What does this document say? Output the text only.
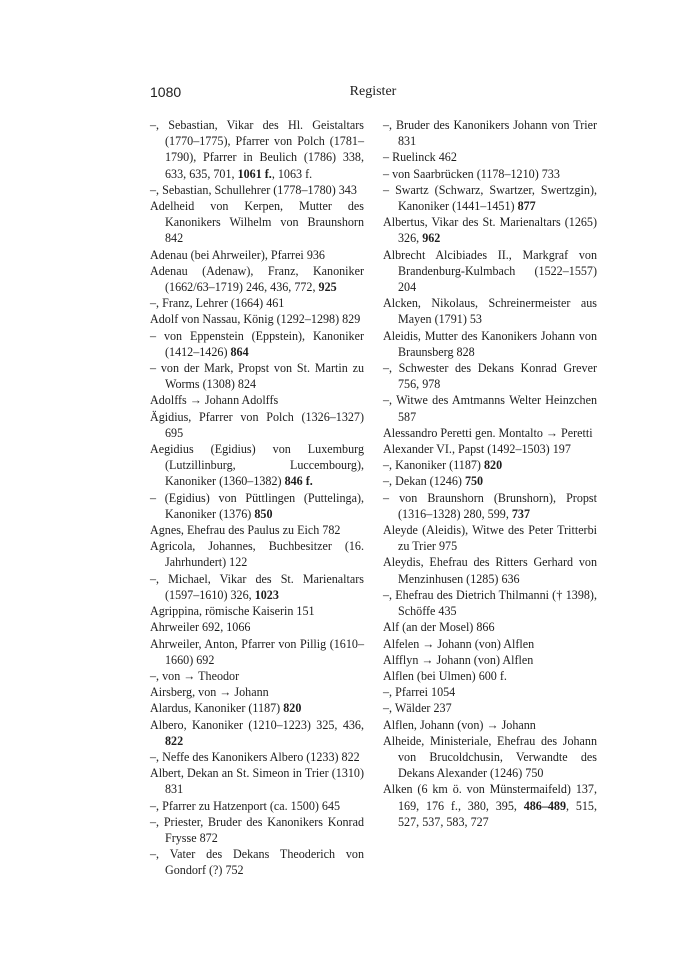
1080	Register
–, Sebastian, Vikar des Hl. Geistaltars (1770–1775), Pfarrer von Polch (1781–1790), Pfarrer in Beulich (1786) 338, 633, 635, 701, 1061 f., 1063 f.
–, Sebastian, Schullehrer (1778–1780) 343
Adelheid von Kerpen, Mutter des Kanonikers Wilhelm von Braunshorn 842
Adenau (bei Ahrweiler), Pfarrei 936
Adenau (Adenaw), Franz, Kanoniker (1662/63–1719) 246, 436, 772, 925
–, Franz, Lehrer (1664) 461
Adolf von Nassau, König (1292–1298) 829
– von Eppenstein (Eppstein), Kanoniker (1412–1426) 864
– von der Mark, Propst von St. Martin zu Worms (1308) 824
Adolffs → Johann Adolffs
Ägidius, Pfarrer von Polch (1326–1327) 695
Aegidius (Egidius) von Luxemburg (Lutzillinburg, Luccembourg), Kanoniker (1360–1382) 846 f.
– (Egidius) von Püttlingen (Puttelinga), Kanoniker (1376) 850
Agnes, Ehefrau des Paulus zu Eich 782
Agricola, Johannes, Buchbesitzer (16. Jahrhundert) 122
–, Michael, Vikar des St. Marienaltars (1597–1610) 326, 1023
Agrippina, römische Kaiserin 151
Ahrweiler 692, 1066
Ahrweiler, Anton, Pfarrer von Pillig (1610–1660) 692
–, von → Theodor
Airsberg, von → Johann
Alardus, Kanoniker (1187) 820
Albero, Kanoniker (1210–1223) 325, 436, 822
–, Neffe des Kanonikers Albero (1233) 822
Albert, Dekan an St. Simeon in Trier (1310) 831
–, Pfarrer zu Hatzenport (ca. 1500) 645
–, Priester, Bruder des Kanonikers Konrad Frysse 872
–, Vater des Dekans Theoderich von Gondorf (?) 752
–, Bruder des Kanonikers Johann von Trier 831
– Ruelinck 462
– von Saarbrücken (1178–1210) 733
– Swartz (Schwarz, Swartzer, Swertzgin), Kanoniker (1441–1451) 877
Albertus, Vikar des St. Marienaltars (1265) 326, 962
Albrecht Alcibiades II., Markgraf von Brandenburg-Kulmbach (1522–1557) 204
Alcken, Nikolaus, Schreinermeister aus Mayen (1791) 53
Aleidis, Mutter des Kanonikers Johann von Braunsberg 828
–, Schwester des Dekans Konrad Grever 756, 978
–, Witwe des Amtmanns Welter Heinzchen 587
Alessandro Peretti gen. Montalto → Peretti
Alexander VI., Papst (1492–1503) 197
–, Kanoniker (1187) 820
–, Dekan (1246) 750
– von Braunshorn (Brunshorn), Propst (1316–1328) 280, 599, 737
Aleyde (Aleidis), Witwe des Peter Tritterbi zu Trier 975
Aleydis, Ehefrau des Ritters Gerhard von Menzinhusen (1285) 636
–, Ehefrau des Dietrich Thilmanni († 1398), Schöffe 435
Alf (an der Mosel) 866
Alfelen → Johann (von) Alflen
Alfflyn → Johann (von) Alflen
Alflen (bei Ulmen) 600 f.
–, Pfarrei 1054
–, Wälder 237
Alflen, Johann (von) → Johann
Alheide, Ministeriale, Ehefrau des Johann von Brucoldchusin, Verwandte des Dekans Alexander (1246) 750
Alken (6 km ö. von Münstermaifeld) 137, 169, 176 f., 380, 395, 486–489, 515, 527, 537, 583, 727
